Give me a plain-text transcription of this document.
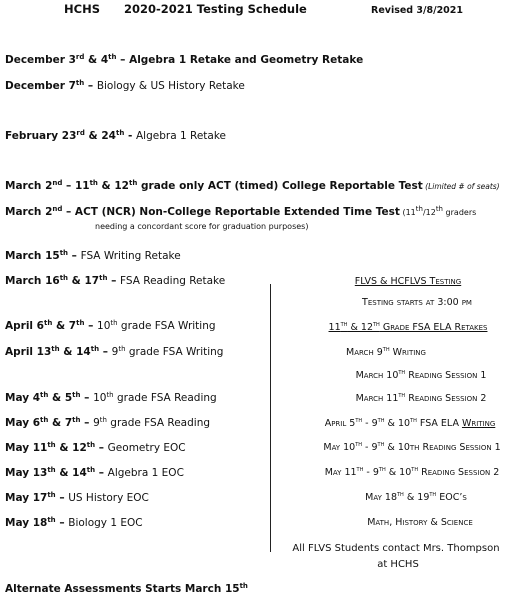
HCHS 2020-2021 Testing Schedule	Revised 3/8/2021
December 3rd & 4th – Algebra 1 Retake and Geometry Retake
December 7th – Biology & US History Retake
February 23rd & 24th - Algebra 1 Retake
March 2nd – 11th & 12th grade only ACT (timed) College Reportable Test (Limited # of seats)
March 2nd – ACT (NCR) Non-College Reportable Extended Time Test (11th/12th graders
needing a concordant score for graduation purposes)
March 15th – FSA Writing Retake
March 16th & 17th – FSA Reading Retake
April 6th & 7th – 10th grade FSA Writing
April 13th & 14th – 9th grade FSA Writing
May 4th & 5th – 10th grade FSA Reading
May 6th & 7th – 9th grade FSA Reading
May 11th & 12th – Geometry EOC
May 13th & 14th – Algebra 1 EOC
May 17th – US History EOC
May 18th – Biology 1 EOC
FLVS & HCFLVS Testing
Testing starts at 3:00 pm
11th & 12th Grade FSA ELA Retakes
March 9th Writing
March 10th Reading Session 1
March 11th Reading Session 2
April 5th - 9th & 10th FSA ELA Writing
May 10th - 9th & 10th Reading Session 1
May 11th - 9th & 10th Reading Session 2
May 18th & 19th EOC’s
Math, History & Science
All FLVS Students contact Mrs. Thompson
at HCHS
Alternate Assessments Starts March 15th
